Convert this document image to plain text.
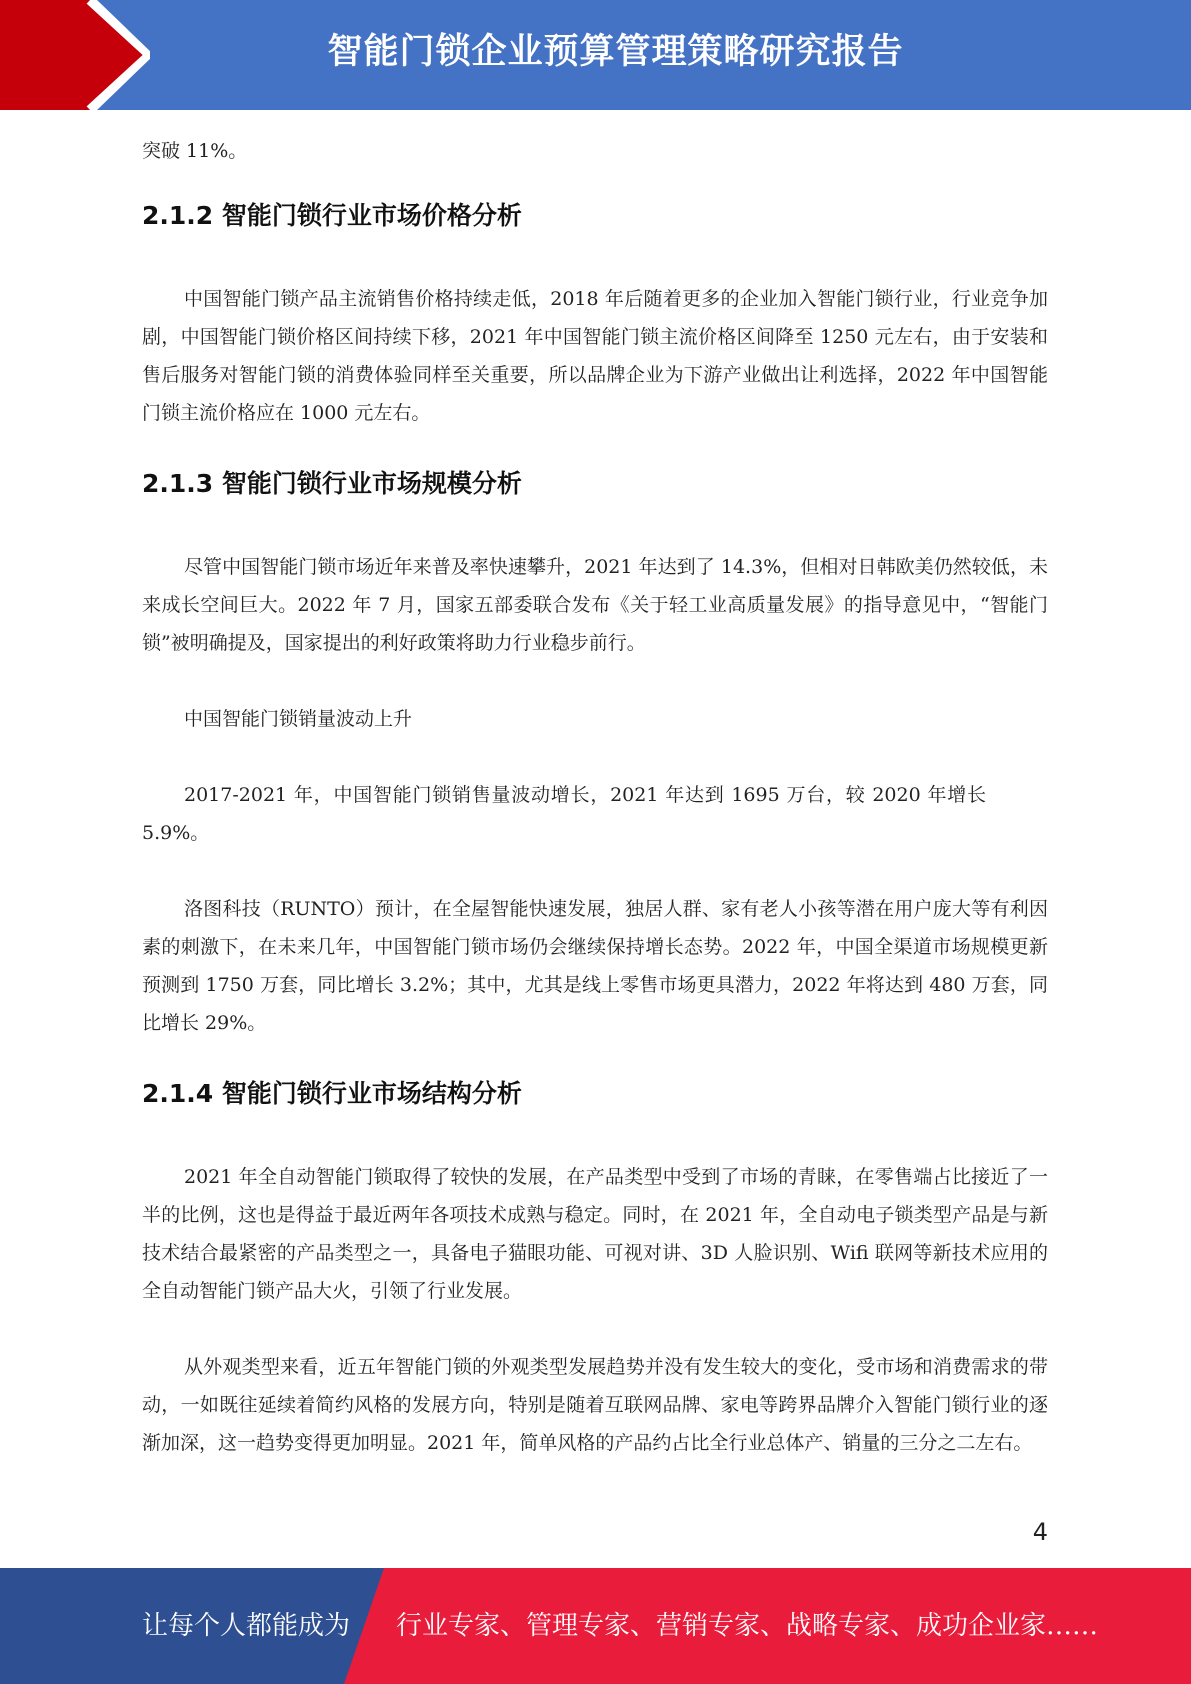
智能门锁企业预算管理策略研究报告

突破 11%。

2.1.2 智能门锁行业市场价格分析

中国智能门锁产品主流销售价格持续走低，2018 年后随着更多的企业加入智能门锁行业，行业竞争加剧，中国智能门锁价格区间持续下移，2021 年中国智能门锁主流价格区间降至 1250 元左右，由于安装和售后服务对智能门锁的消费体验同样至关重要，所以品牌企业为下游产业做出让利选择，2022 年中国智能门锁主流价格应在 1000 元左右。

2.1.3 智能门锁行业市场规模分析

尽管中国智能门锁市场近年来普及率快速攀升，2021 年达到了 14.3%，但相对日韩欧美仍然较低，未来成长空间巨大。2022 年 7 月，国家五部委联合发布《关于轻工业高质量发展》的指导意见中，“智能门锁”被明确提及，国家提出的利好政策将助力行业稳步前行。

中国智能门锁销量波动上升

2017-2021 年，中国智能门锁销售量波动增长，2021 年达到 1695 万台，较 2020 年增长 5.9%。

洛图科技（RUNTO）预计，在全屋智能快速发展，独居人群、家有老人小孩等潜在用户庞大等有利因素的刺激下，在未来几年，中国智能门锁市场仍会继续保持增长态势。2022 年，中国全渠道市场规模更新预测到 1750 万套，同比增长 3.2%；其中，尤其是线上零售市场更具潜力，2022 年将达到 480 万套，同比增长 29%。

2.1.4 智能门锁行业市场结构分析

2021 年全自动智能门锁取得了较快的发展，在产品类型中受到了市场的青睐，在零售端占比接近了一半的比例，这也是得益于最近两年各项技术成熟与稳定。同时，在 2021 年，全自动电子锁类型产品是与新技术结合最紧密的产品类型之一，具备电子猫眼功能、可视对讲、3D 人脸识别、Wifi 联网等新技术应用的全自动智能门锁产品大火，引领了行业发展。

从外观类型来看，近五年智能门锁的外观类型发展趋势并没有发生较大的变化，受市场和消费需求的带动，一如既往延续着简约风格的发展方向，特别是随着互联网品牌、家电等跨界品牌介入智能门锁行业的逐渐加深，这一趋势变得更加明显。2021 年，简单风格的产品约占比全行业总体产、销量的三分之二左右。

4
让每个人都能成为 行业专家、管理专家、营销专家、战略专家、成功企业家……
